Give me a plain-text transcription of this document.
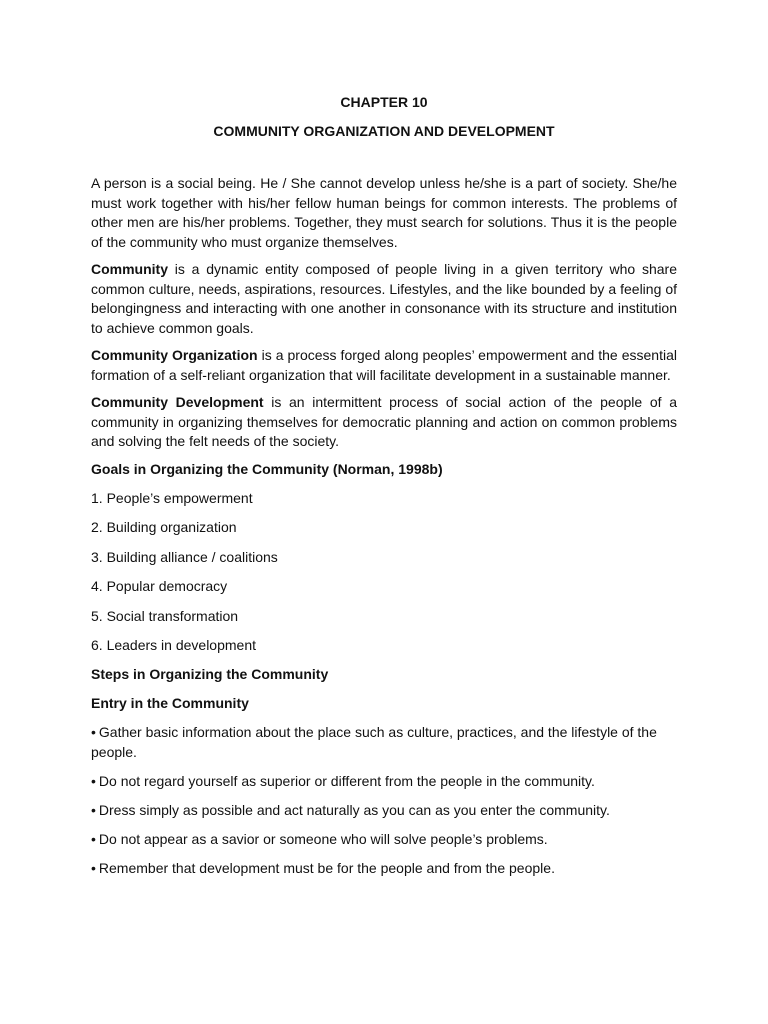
CHAPTER 10
COMMUNITY ORGANIZATION AND DEVELOPMENT

A person is a social being. He / She cannot develop unless he/she is a part of society. She/he must work together with his/her fellow human beings for common interests. The problems of other men are his/her problems. Together, they must search for solutions. Thus it is the people of the community who must organize themselves.

Community is a dynamic entity composed of people living in a given territory who share common culture, needs, aspirations, resources. Lifestyles, and the like bounded by a feeling of belongingness and interacting with one another in consonance with its structure and institution to achieve common goals.

Community Organization is a process forged along peoples’ empowerment and the essential formation of a self-reliant organization that will facilitate development in a sustainable manner.

Community Development is an intermittent process of social action of the people of a community in organizing themselves for democratic planning and action on common problems and solving the felt needs of the society.

Goals in Organizing the Community (Norman, 1998b)
1. People’s empowerment
2. Building organization
3. Building alliance / coalitions
4. Popular democracy
5. Social transformation
6. Leaders in development
Steps in Organizing the Community
Entry in the Community
• Gather basic information about the place such as culture, practices, and the lifestyle of the people.
• Do not regard yourself as superior or different from the people in the community.
• Dress simply as possible and act naturally as you can as you enter the community.
• Do not appear as a savior or someone who will solve people’s problems.
• Remember that development must be for the people and from the people.
